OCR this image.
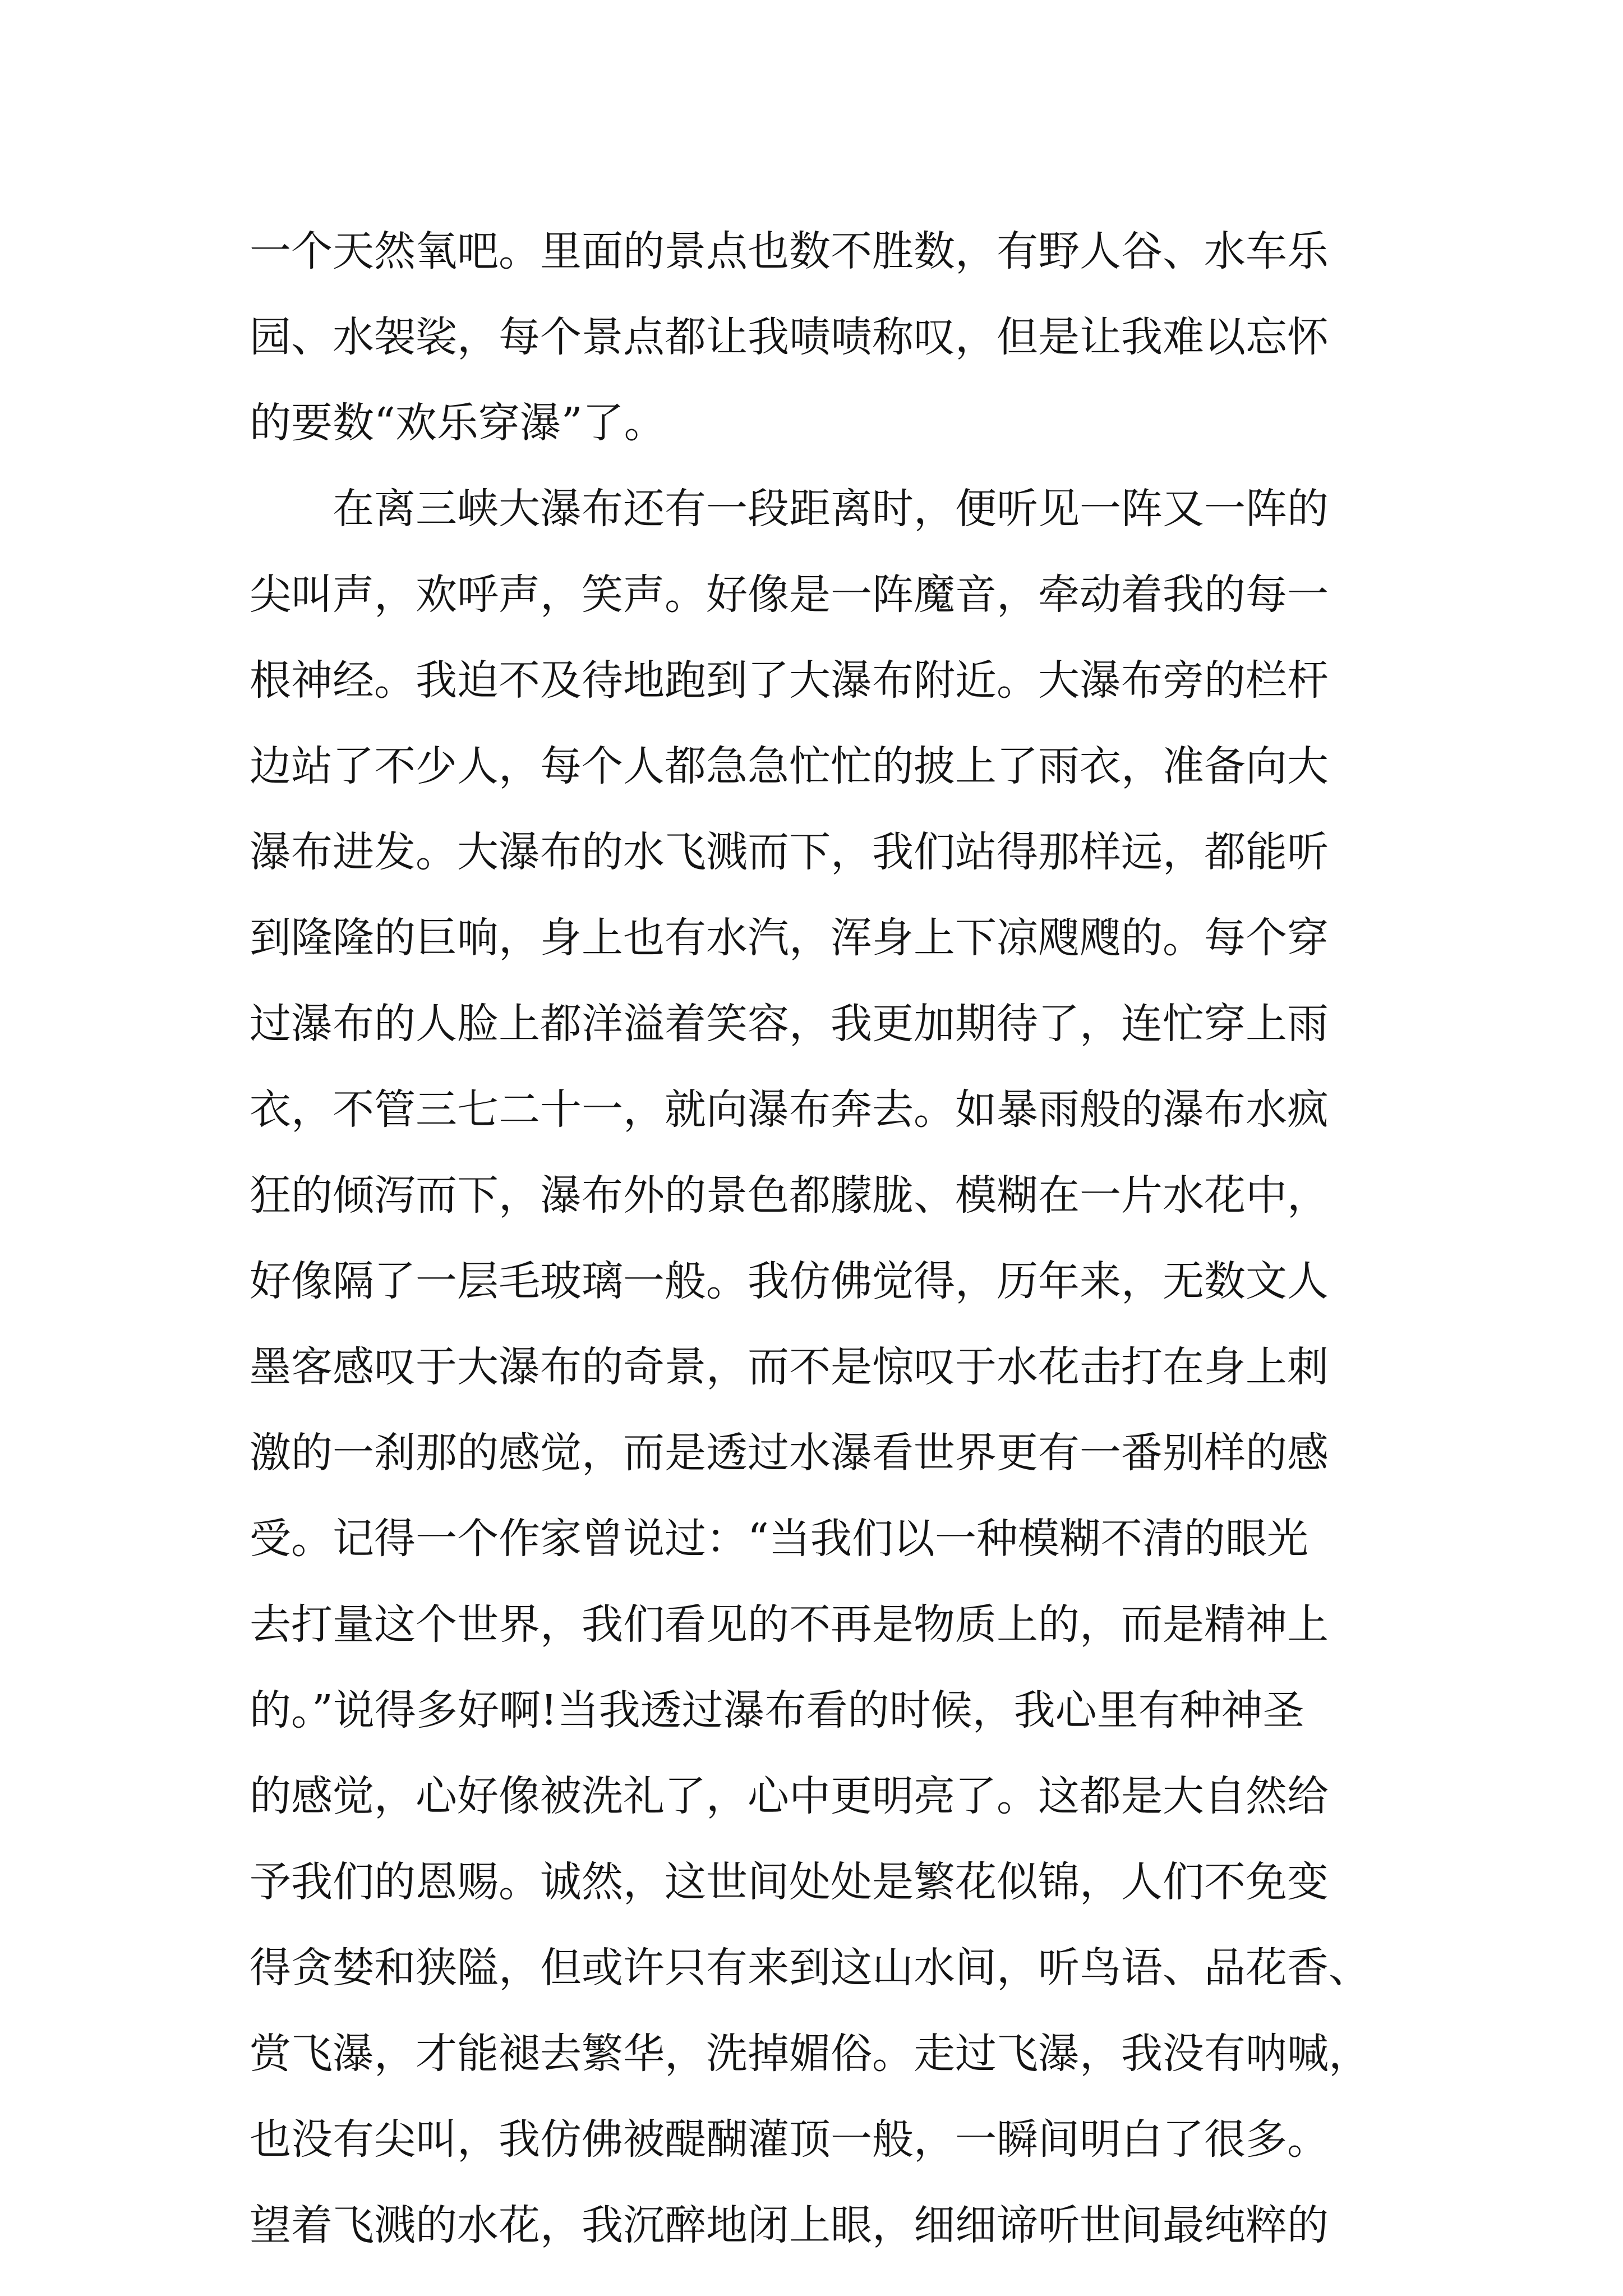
一个天然氧吧。里面的景点也数不胜数，有野人谷、水车乐
园、水袈裟，每个景点都让我啧啧称叹，但是让我难以忘怀
的要数“欢乐穿瀑”了。
在离三峡大瀑布还有一段距离时，便听见一阵又一阵的
尖叫声，欢呼声，笑声。好像是一阵魔音，牵动着我的每一
根神经。我迫不及待地跑到了大瀑布附近。大瀑布旁的栏杆
边站了不少人，每个人都急急忙忙的披上了雨衣，准备向大
瀑布进发。大瀑布的水飞溅而下，我们站得那样远，都能听
到隆隆的巨响，身上也有水汽，浑身上下凉飕飕的。每个穿
过瀑布的人脸上都洋溢着笑容，我更加期待了，连忙穿上雨
衣，不管三七二十一，就向瀑布奔去。如暴雨般的瀑布水疯
狂的倾泻而下，瀑布外的景色都朦胧、模糊在一片水花中，
好像隔了一层毛玻璃一般。我仿佛觉得，历年来，无数文人
墨客感叹于大瀑布的奇景，而不是惊叹于水花击打在身上刺
激的一刹那的感觉，而是透过水瀑看世界更有一番别样的感
受。记得一个作家曾说过：“当我们以一种模糊不清的眼光
去打量这个世界，我们看见的不再是物质上的，而是精神上
的。”说得多好啊!当我透过瀑布看的时候，我心里有种神圣
的感觉，心好像被洗礼了，心中更明亮了。这都是大自然给
予我们的恩赐。诚然，这世间处处是繁花似锦，人们不免变
得贪婪和狭隘，但或许只有来到这山水间，听鸟语、品花香、
赏飞瀑，才能褪去繁华，洗掉媚俗。走过飞瀑，我没有呐喊，
也没有尖叫，我仿佛被醍醐灌顶一般，一瞬间明白了很多。
望着飞溅的水花，我沉醉地闭上眼，细细谛听世间最纯粹的
